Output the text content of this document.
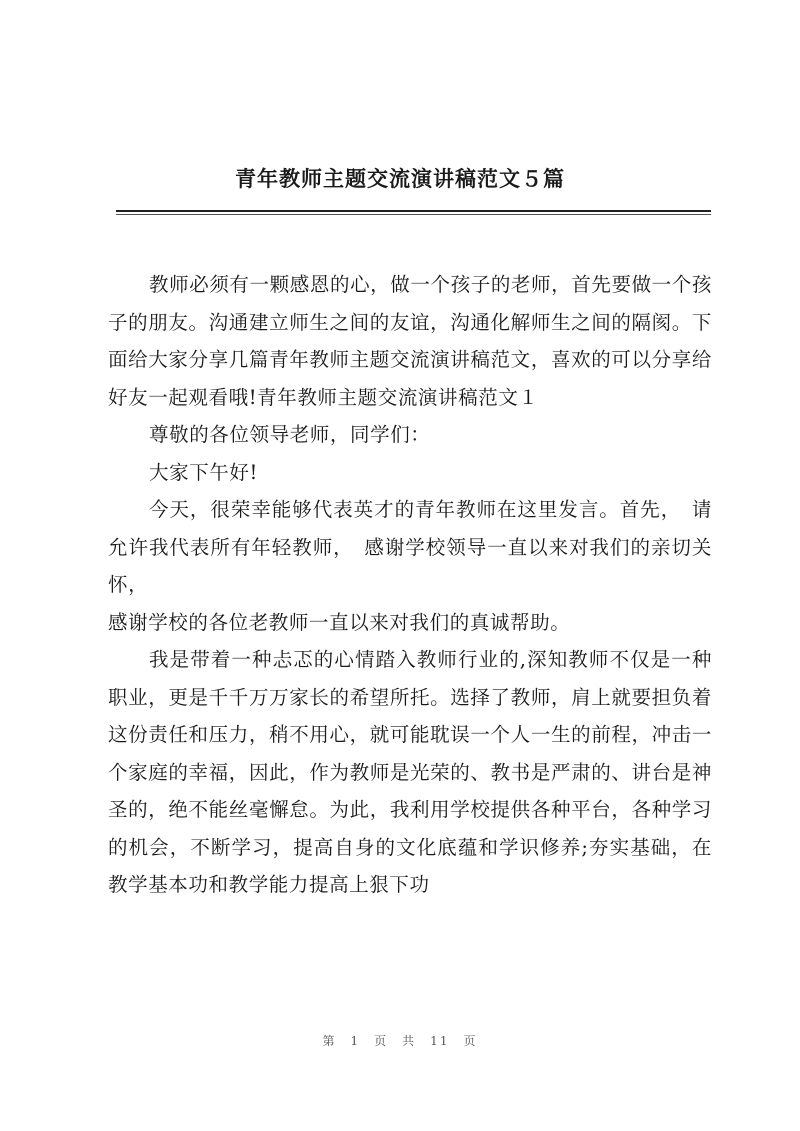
青年教师主题交流演讲稿范文５篇

教师必须有一颗感恩的心，做一个孩子的老师，首先要做一个孩子的朋友。沟通建立师生之间的友谊，沟通化解师生之间的隔阂。下面给大家分享几篇青年教师主题交流演讲稿范文，喜欢的可以分享给好友一起观看哦!青年教师主题交流演讲稿范文１

尊敬的各位领导老师，同学们：

大家下午好!

今天，很荣幸能够代表英才的青年教师在这里发言。首先，　请允许我代表所有年轻教师，　感谢学校领导一直以来对我们的亲切关怀，

感谢学校的各位老教师一直以来对我们的真诚帮助。

我是带着一种忐忑的心情踏入教师行业的,深知教师不仅是一种职业，更是千千万万家长的希望所托。选择了教师，肩上就要担负着这份责任和压力，稍不用心，就可能耽误一个人一生的前程，冲击一个家庭的幸福，因此，作为教师是光荣的、教书是严肃的、讲台是神圣的，绝不能丝毫懈怠。为此，我利用学校提供各种平台，各种学习的机会，不断学习，提高自身的文化底蕴和学识修养;夯实基础，在教学基本功和教学能力提高上狠下功

第　1　页　共　11　页
